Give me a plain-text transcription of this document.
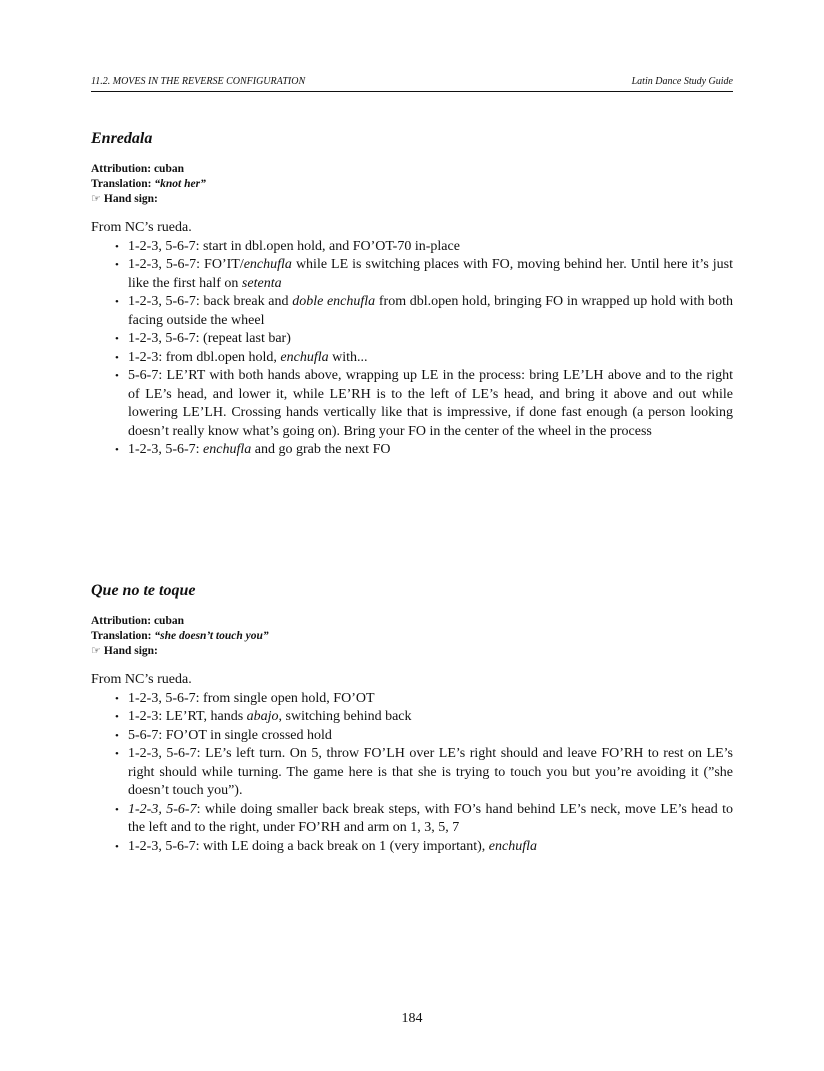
11.2. MOVES IN THE REVERSE CONFIGURATION	Latin Dance Study Guide
Enredala
Attribution: cuban
Translation: “knot her”
☞ Hand sign:
From NC’s rueda.
• 1-2-3, 5-6-7: start in dbl.open hold, and FO’OT-70 in-place
• 1-2-3, 5-6-7: FO’IT/enchufla while LE is switching places with FO, moving behind her. Until here it’s just like the first half on setenta
• 1-2-3, 5-6-7: back break and doble enchufla from dbl.open hold, bringing FO in wrapped up hold with both facing outside the wheel
• 1-2-3, 5-6-7: (repeat last bar)
• 1-2-3: from dbl.open hold, enchufla with...
• 5-6-7: LE’RT with both hands above, wrapping up LE in the process: bring LE’LH above and to the right of LE’s head, and lower it, while LE’RH is to the left of LE’s head, and bring it above and out while lowering LE’LH. Crossing hands vertically like that is impressive, if done fast enough (a person looking doesn’t really know what’s going on). Bring your FO in the center of the wheel in the process
• 1-2-3, 5-6-7: enchufla and go grab the next FO
Que no te toque
Attribution: cuban
Translation: “she doesn’t touch you”
☞ Hand sign:
From NC’s rueda.
• 1-2-3, 5-6-7: from single open hold, FO’OT
• 1-2-3: LE’RT, hands abajo, switching behind back
• 5-6-7: FO’OT in single crossed hold
• 1-2-3, 5-6-7: LE’s left turn. On 5, throw FO’LH over LE’s right should and leave FO’RH to rest on LE’s right should while turning. The game here is that she is trying to touch you but you’re avoiding it (”she doesn’t touch you”).
• 1-2-3, 5-6-7: while doing smaller back break steps, with FO’s hand behind LE’s neck, move LE’s head to the left and to the right, under FO’RH and arm on 1, 3, 5, 7
• 1-2-3, 5-6-7: with LE doing a back break on 1 (very important), enchufla
184
